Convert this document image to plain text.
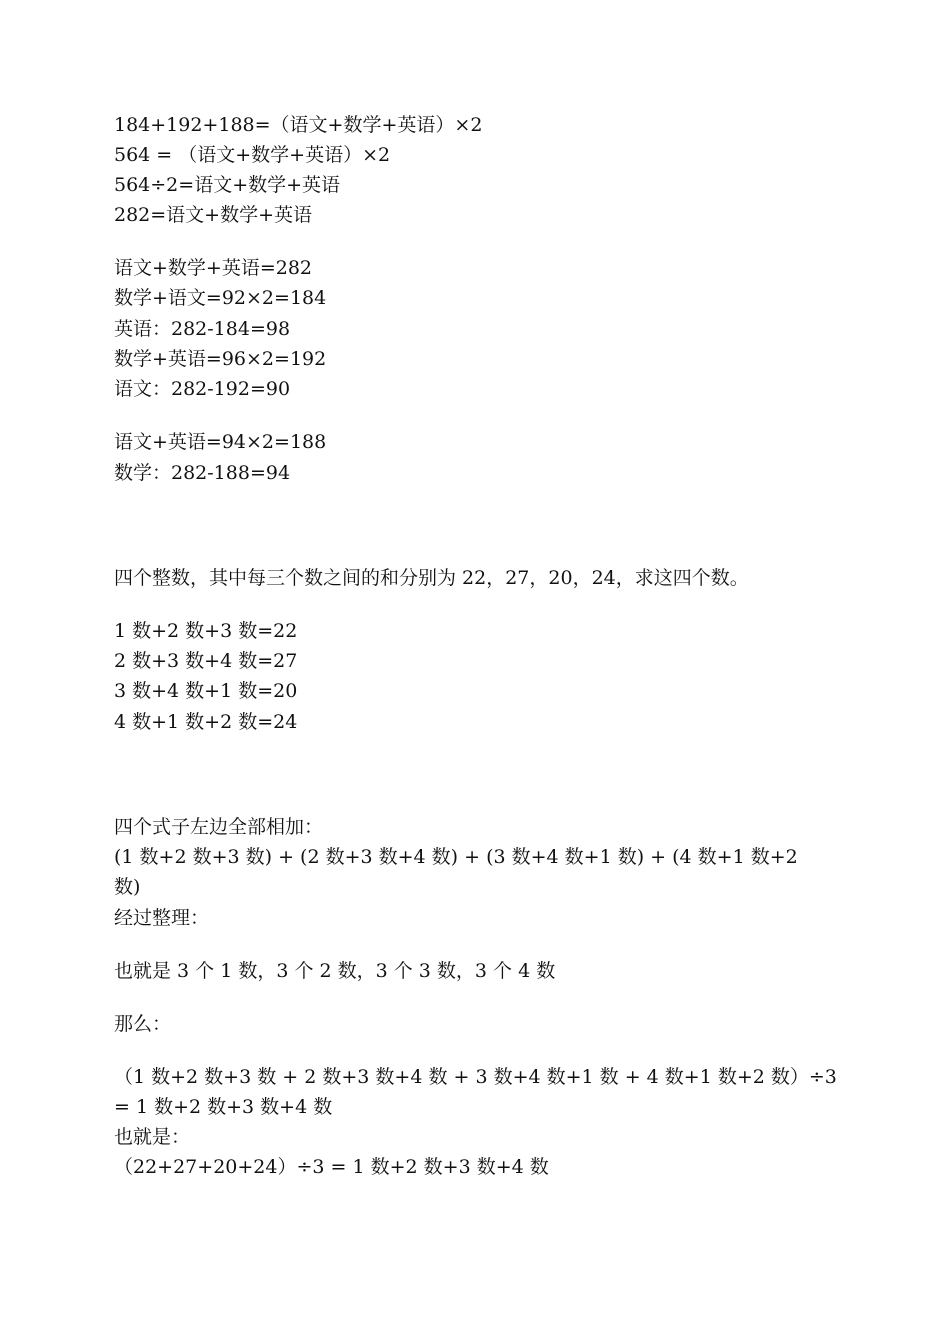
184+192+188=（语文+数学+英语）×2

564 = （语文+数学+英语）×2

564÷2=语文+数学+英语

282=语文+数学+英语

语文+数学+英语=282

数学+语文=92×2=184

英语：282-184=98

数学+英语=96×2=192

语文：282-192=90

语文+英语=94×2=188

数学：282-188=94

四个整数，其中每三个数之间的和分别为 22，27，20，24，求这四个数。

1 数+2 数+3 数=22

2 数+3 数+4 数=27

3 数+4 数+1 数=20

4 数+1 数+2 数=24

四个式子左边全部相加：

(1 数+2 数+3 数) + (2 数+3 数+4 数) + (3 数+4 数+1 数) + (4 数+1 数+2

数)

经过整理：

也就是 3 个 1 数，3 个 2 数，3 个 3 数，3 个 4 数

那么：

（1 数+2 数+3 数 + 2 数+3 数+4 数 + 3 数+4 数+1 数 + 4 数+1 数+2 数）÷3

= 1 数+2 数+3 数+4 数

也就是：

（22+27+20+24）÷3 = 1 数+2 数+3 数+4 数
